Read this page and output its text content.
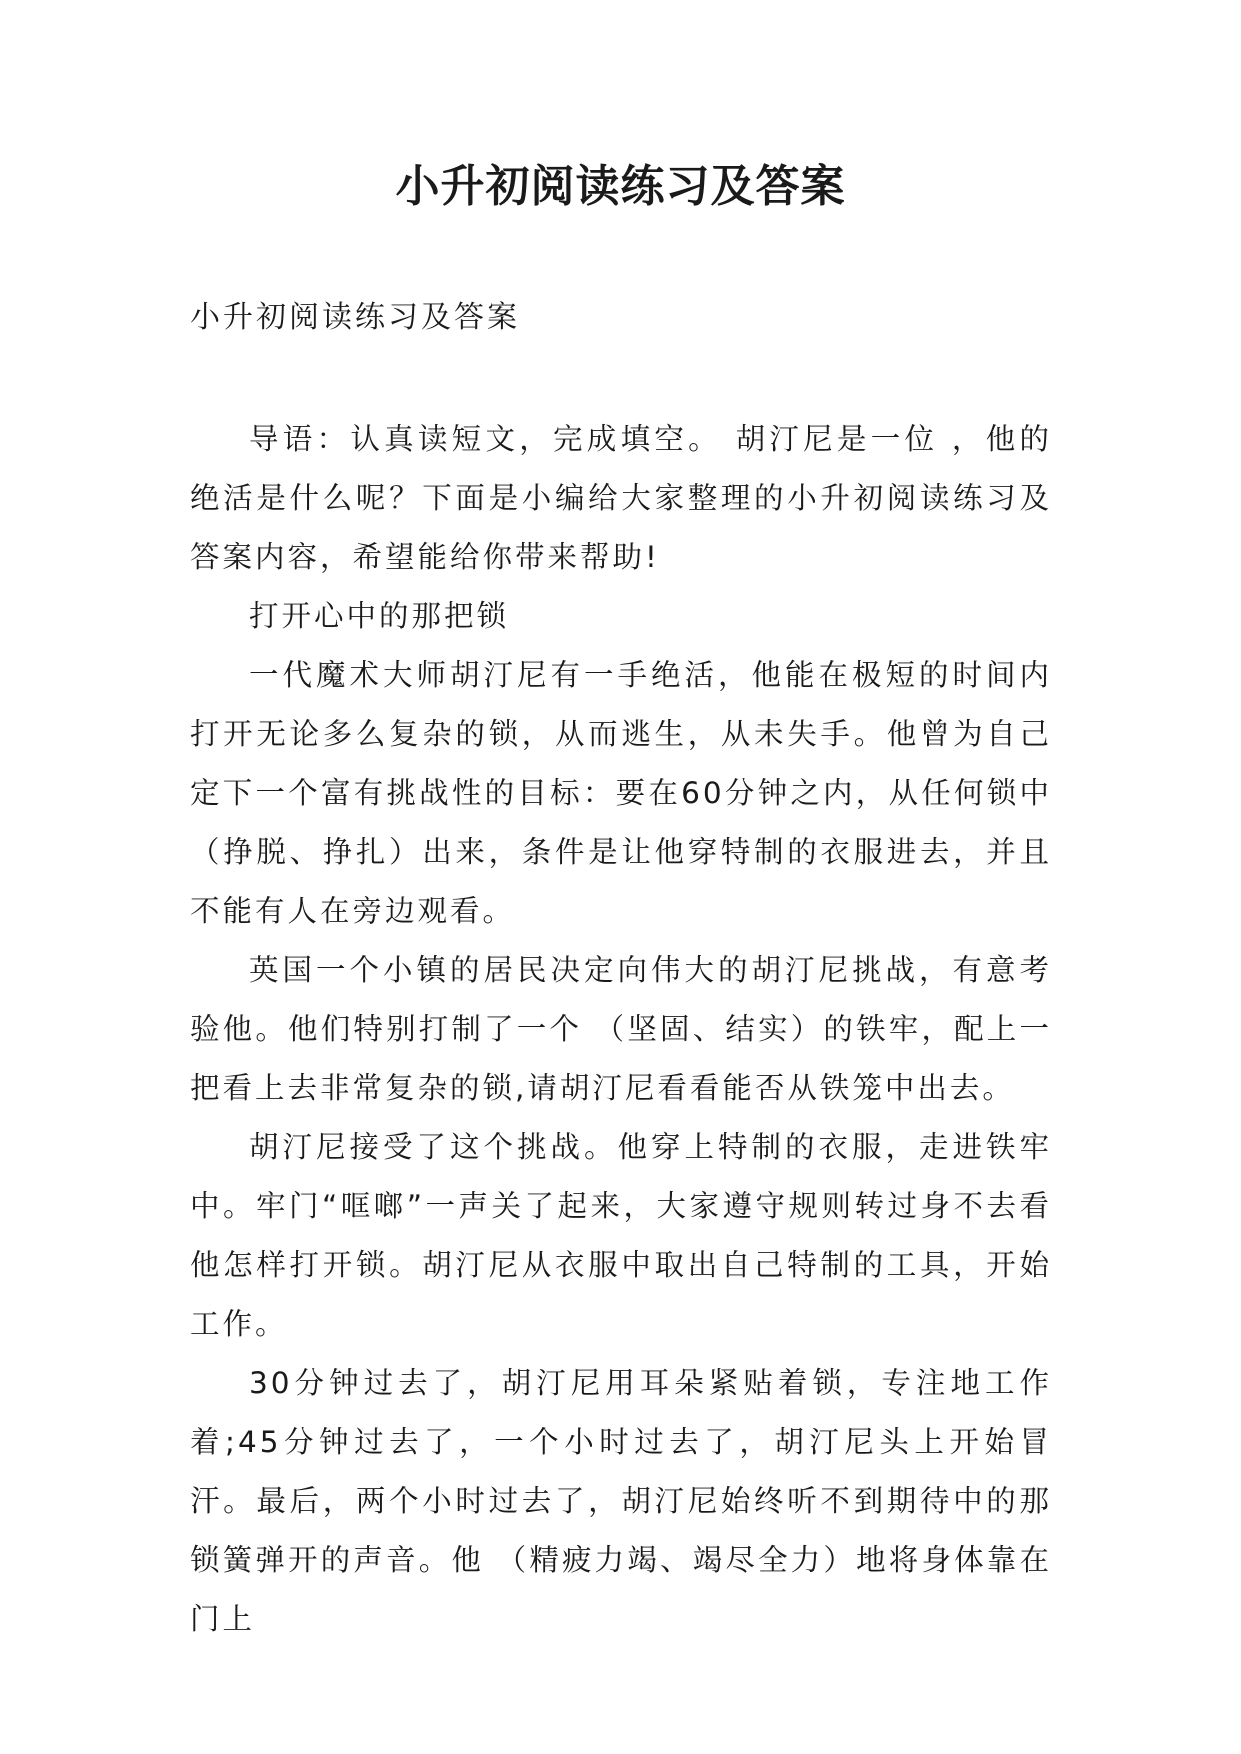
小升初阅读练习及答案
小升初阅读练习及答案

导语：认真读短文，完成填空。 胡汀尼是一位 ，他的绝活是什么呢？下面是小编给大家整理的小升初阅读练习及答案内容，希望能给你带来帮助!

打开心中的那把锁

一代魔术大师胡汀尼有一手绝活，他能在极短的时间内打开无论多么复杂的锁，从而逃生，从未失手。他曾为自己定下一个富有挑战性的目标：要在60分钟之内，从任何锁中 （挣脱、挣扎）出来，条件是让他穿特制的衣服进去，并且不能有人在旁边观看。

英国一个小镇的居民决定向伟大的胡汀尼挑战，有意考验他。他们特别打制了一个 （坚固、结实）的铁牢，配上一把看上去非常复杂的锁,请胡汀尼看看能否从铁笼中出去。

胡汀尼接受了这个挑战。他穿上特制的衣服，走进铁牢中。牢门“哐啷”一声关了起来，大家遵守规则转过身不去看他怎样打开锁。胡汀尼从衣服中取出自己特制的工具，开始工作。

30分钟过去了，胡汀尼用耳朵紧贴着锁，专注地工作着;45分钟过去了，一个小时过去了，胡汀尼头上开始冒汗。最后，两个小时过去了，胡汀尼始终听不到期待中的那锁簧弹开的声音。他 （精疲力竭、竭尽全力）地将身体靠在门上
